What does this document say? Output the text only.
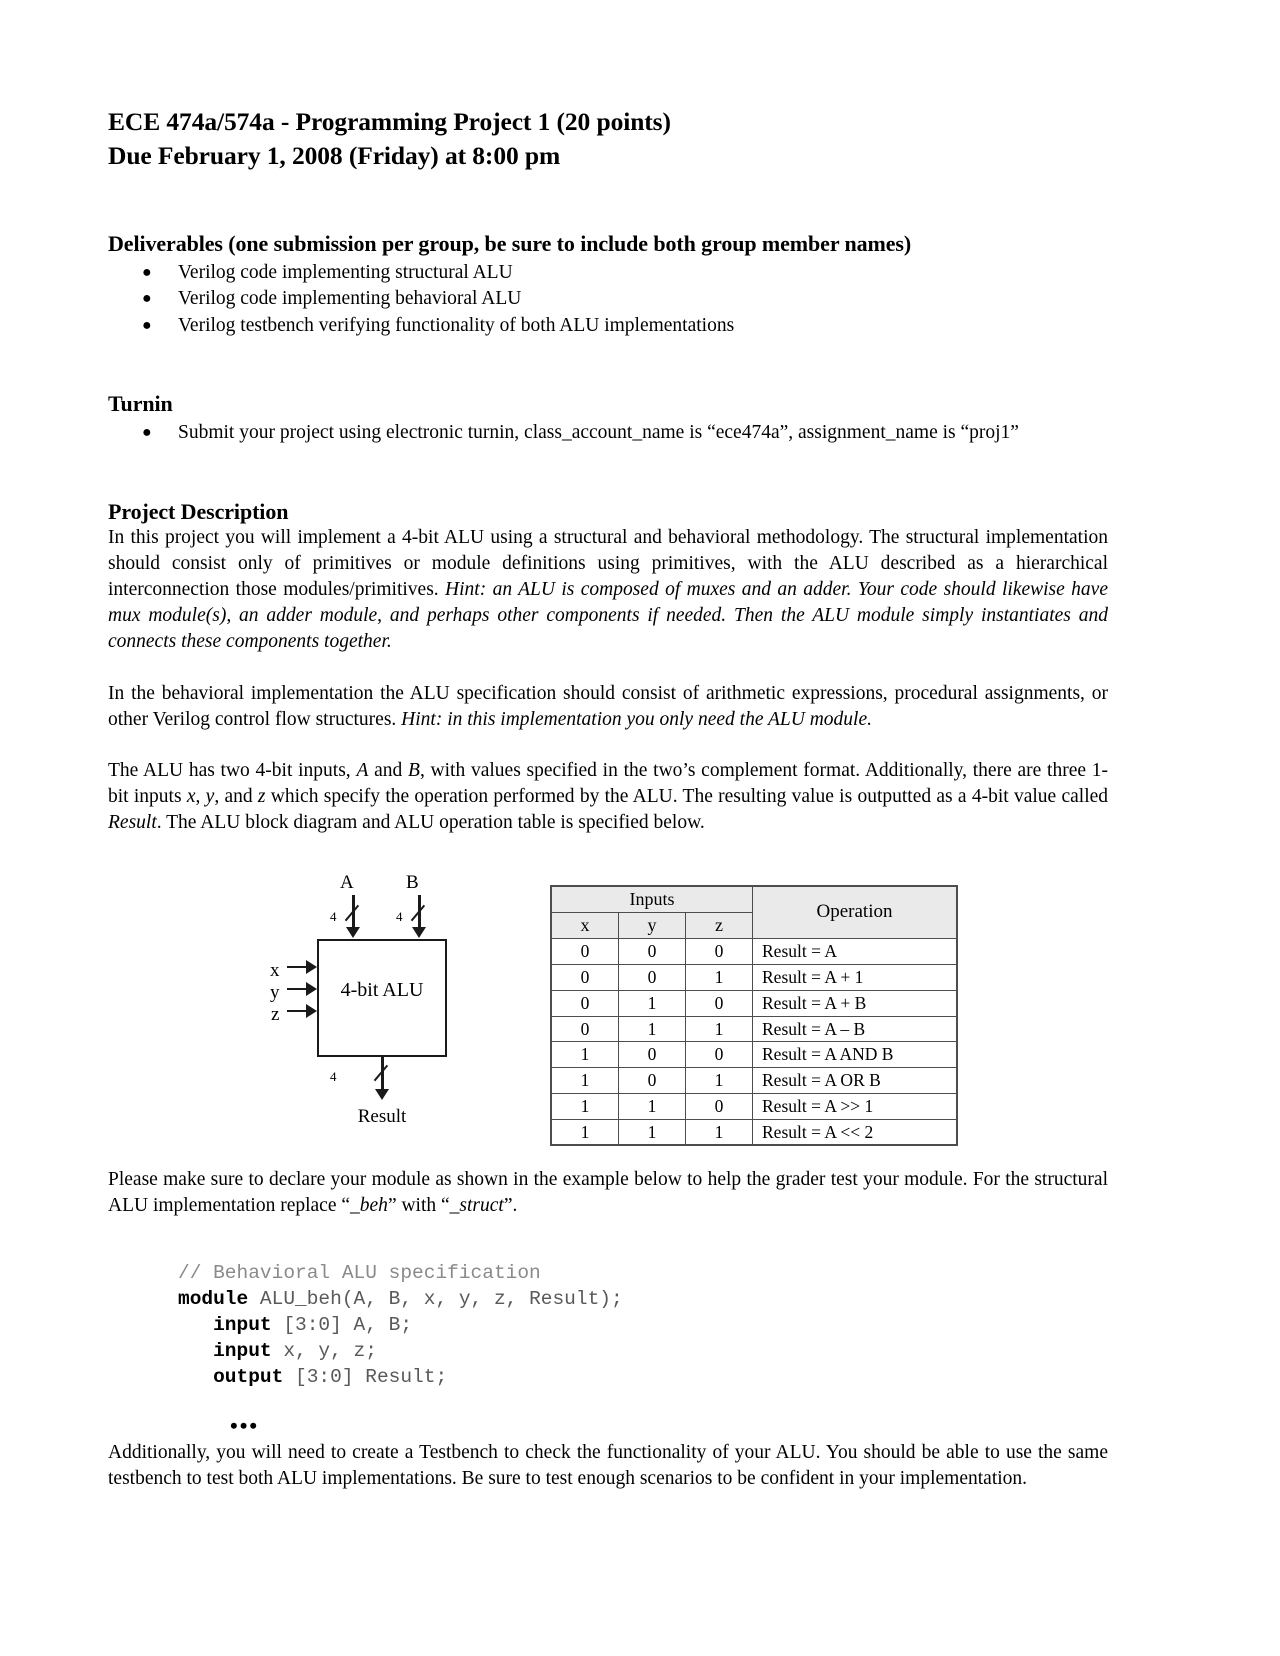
ECE 474a/574a - Programming Project 1 (20 points)
Due February 1, 2008 (Friday) at 8:00 pm
Deliverables (one submission per group, be sure to include both group member names)
● Verilog code implementing structural ALU
● Verilog code implementing behavioral ALU
● Verilog testbench verifying functionality of both ALU implementations
Turnin
● Submit your project using electronic turnin, class_account_name is “ece474a”, assignment_name is “proj1”
Project Description

In this project you will implement a 4-bit ALU using a structural and behavioral methodology. The structural implementation should consist only of primitives or module definitions using primitives, with the ALU described as a hierarchical interconnection those modules/primitives. Hint: an ALU is composed of muxes and an adder. Your code should likewise have mux module(s), an adder module, and perhaps other components if needed. Then the ALU module simply instantiates and connects these components together.

In the behavioral implementation the ALU specification should consist of arithmetic expressions, procedural assignments, or other Verilog control flow structures. Hint: in this implementation you only need the ALU module.

The ALU has two 4-bit inputs, A and B, with values specified in the two’s complement format. Additionally, there are three 1-bit inputs x, y, and z which specify the operation performed by the ALU. The resulting value is outputted as a 4-bit value called Result. The ALU block diagram and ALU operation table is specified below.

A	B
4	4
x
y
z
4-bit ALU
4
Result
Inputs			Operation
x	y	z	
0	0	0	Result = A
0	0	1	Result = A + 1
0	1	0	Result = A + B
0	1	1	Result = A – B
1	0	0	Result = A AND B
1	0	1	Result = A OR B
1	1	0	Result = A >> 1
1	1	1	Result = A << 2

Please make sure to declare your module as shown in the example below to help the grader test your module. For the structural ALU implementation replace “_beh” with “_struct”.

// Behavioral ALU specification
module ALU_beh(A, B, x, y, z, Result);
input [3:0] A, B;
input x, y, z;
output [3:0] Result;

•••

Additionally, you will need to create a Testbench to check the functionality of your ALU. You should be able to use the same testbench to test both ALU implementations. Be sure to test enough scenarios to be confident in your implementation.
